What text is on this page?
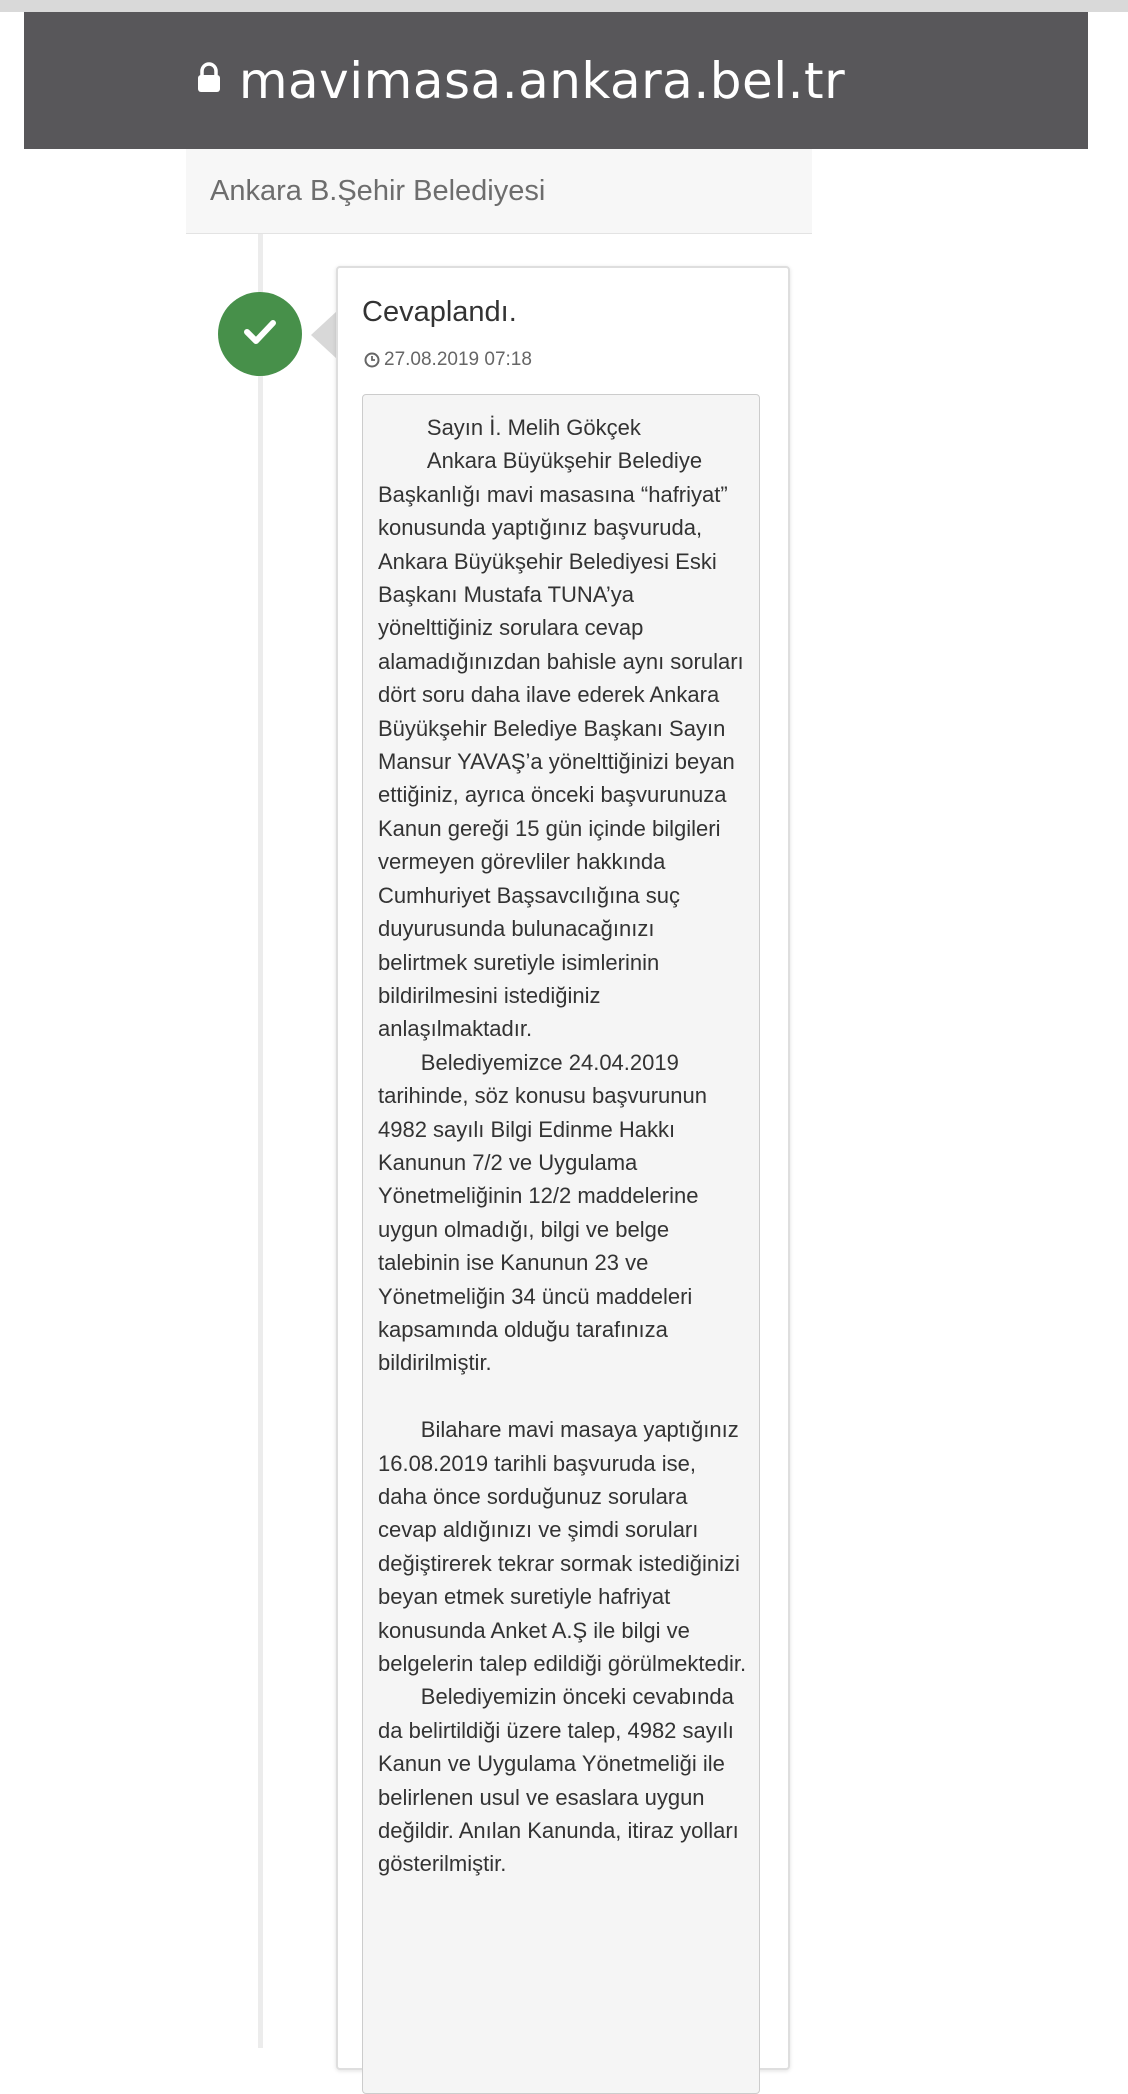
mavimasa.ankara.bel.tr
Ankara B.Şehir Belediyesi
Cevaplandı.
27.08.2019 07:18

Sayın İ. Melih Gökçek

Ankara Büyükşehir Belediye Başkanlığı mavi masasına “hafriyat” konusunda yaptığınız başvuruda, Ankara Büyükşehir Belediyesi Eski Başkanı Mustafa TUNA’ya yönelttiğiniz sorulara cevap alamadığınızdan bahisle aynı soruları dört soru daha ilave ederek Ankara Büyükşehir Belediye Başkanı Sayın Mansur YAVAŞ’a yönelttiğinizi beyan ettiğiniz, ayrıca önceki başvurunuza Kanun gereği 15 gün içinde bilgileri vermeyen görevliler hakkında Cumhuriyet Başsavcılığına suç duyurusunda bulunacağınızı belirtmek suretiyle isimlerinin bildirilmesini istediğiniz anlaşılmaktadır.

Belediyemizce 24.04.2019 tarihinde, söz konusu başvurunun 4982 sayılı Bilgi Edinme Hakkı Kanunun 7/2 ve Uygulama Yönetmeliğinin 12/2 maddelerine uygun olmadığı, bilgi ve belge talebinin ise Kanunun 23 ve Yönetmeliğin 34 üncü maddeleri kapsamında olduğu tarafınıza bildirilmiştir.

Bilahare mavi masaya yaptığınız 16.08.2019 tarihli başvuruda ise, daha önce sorduğunuz sorulara cevap aldığınızı ve şimdi soruları değiştirerek tekrar sormak istediğinizi beyan etmek suretiyle hafriyat konusunda Anket A.Ş ile bilgi ve belgelerin talep edildiği görülmektedir.

Belediyemizin önceki cevabında da belirtildiği üzere talep, 4982 sayılı Kanun ve Uygulama Yönetmeliği ile belirlenen usul ve esaslara uygun değildir. Anılan Kanunda, itiraz yolları gösterilmiştir.
